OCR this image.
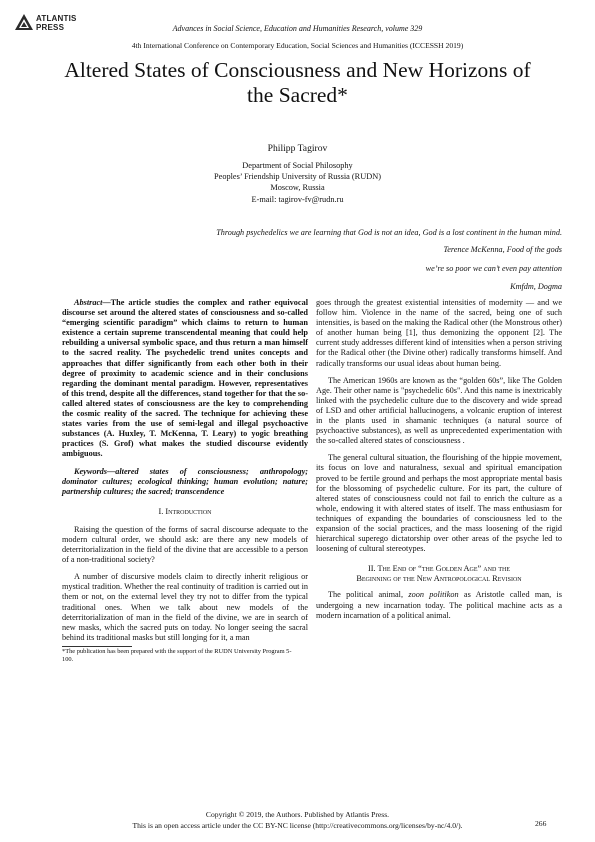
ATLANTIS
PRESS	Advances in Social Science, Education and Humanities Research, volume 329
4th International Conference on Contemporary Education, Social Sciences and Humanities (ICCESSH 2019)
Altered States of Consciousness and New Horizons of
the Sacred*
Philipp Tagirov
Department of Social Philosophy
Peoples’ Friendship University of Russia (RUDN)
Moscow, Russia
E-mail: tagirov-fv@rudn.ru
Through psychedelics we are learning that God is not an idea, God is a lost continent in the human mind.
Terence McKenna, Food of the gods
we’re so poor we can’t even pay attention
Kmfdm, Dogma

Abstract—The article studies the complex and rather equivocal discourse set around the altered states of consciousness and so-called “emerging scientific paradigm” which claims to return to human existence a certain supreme transcendental meaning that could help rebuilding a universal symbolic space, and thus return a man himself to the sacred reality. The psychedelic trend unites concepts and approaches that differ significantly from each other both in their degree of proximity to academic science and in their conclusions regarding the dominant mental paradigm. However, representatives of this trend, despite all the differences, stand together for that the so-called altered states of consciousness are the key to comprehending the cosmic reality of the sacred. The technique for achieving these states varies from the use of semi-legal and illegal psychoactive substances (A. Huxley, T. McKenna, T. Leary) to yogic breathing practices (S. Grof) what makes the studied discourse evidently ambiguous.

Keywords—altered states of consciousness; anthropology; dominator cultures; ecological thinking; human evolution; nature; partnership cultures; the sacred; transcendence

I. Introduction

Raising the question of the forms of sacral discourse adequate to the modern cultural order, we should ask: are there any new models of deterritorialization in the field of the divine that are accessible to a person of a non-traditional society?

A number of discursive models claim to directly inherit religious or mystical tradition. Whether the real continuity of tradition is carried out in them or not, on the external level they try not to differ from the typical traditional ones. When we talk about new models of the deterritorialization of man in the field of the divine, we are in search of new masks, which the sacred puts on today. No longer seeing the sacral behind its traditional masks but still longing for it, a man

*The publication has been prepared with the support of the RUDN University Program 5-100.

goes through the greatest existential intensities of modernity — and we follow him. Violence in the name of the sacred, being one of such intensities, is based on the making the Radical other (the Monstrous other) of another human being [1], thus demonizing the opponent [2]. The current study addresses different kind of intensities when a person striving for the Radical other (the Divine other) radically transforms himself. And radically transforms our usual ideas about human being.

The American 1960s are known as the “golden 60s”, like The Golden Age. Their other name is "psychedelic 60s". And this name is inextricably linked with the psychedelic culture due to the discovery and wide spread of LSD and other artificial hallucinogens, a volcanic eruption of interest in the plants used in shamanic techniques (a natural source of psychoactive substances), as well as unprecedented experimentation with the so-called altered states of consciousness .

The general cultural situation, the flourishing of the hippie movement, its focus on love and naturalness, sexual and spiritual emancipation proved to be fertile ground and perhaps the most appropriate mental basis for the blossoming of psychedelic culture. For its part, the culture of altered states of consciousness could not fail to enrich the culture as a whole, endowing it with altered states of itself. The mass enthusiasm for techniques of expanding the boundaries of consciousness led to the expansion of the social practices, and the mass loosening of the rigid hierarchical superego dictatorship over other areas of the psyche led to loosening of cultural stereotypes.

II. The End of “the Golden Age” and the
Beginning of the New Antropological Revision

The political animal, zoon politikon as Aristotle called man, is undergoing a new incarnation today. The political machine acts as a modern incarnation of a political animal.

Copyright © 2019, the Authors. Published by Atlantis Press.
This is an open access article under the CC BY-NC license (http://creativecommons.org/licenses/by-nc/4.0/).	266
